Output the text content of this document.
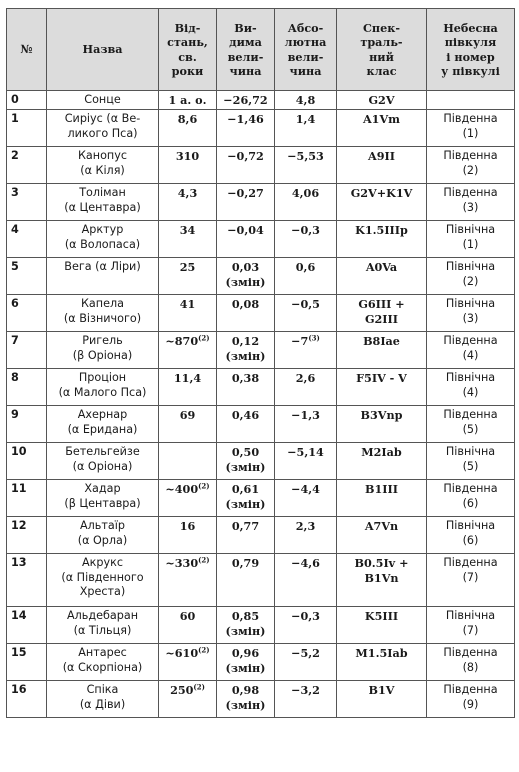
№	Назва	Від-
стань,
св.
роки	Ви-
дима
вели-
чина	Абсо-
лютна
вели-
чина	Спек-
траль-
ний
клас	Небесна
півкуля
і номер
у півкулі

0	Сонце	1 а. о.	−26,72	4,8	G2V	

1	Сиріус (α Ве-
ликого Пса)	8,6	−1,46	1,4	A1Vm	Південна
(1)

2	Канопус
(α Кіля)	310	−0,72	−5,53	A9II	Південна
(2)

3	Толіман
(α Центавра)	4,3	−0,27	4,06	G2V+K1V	Південна
(3)

4	Арктур
(α Волопаса)	34	−0,04	−0,3	K1.5IIIp	Північна
(1)

5	Вега (α Ліри)	25	0,03
(змін)	0,6	A0Va	Північна
(2)

6	Капела
(α Візничого)	41	0,08	−0,5	G6III +
G2III	Північна
(3)

7	Ригель
(β Оріона)	~870$^{(2)}$	0,12
(змін)	$-7^{(3)}$	B8Iae	Південна
(4)

8	Проціон
(α Малого Пса)	11,4	0,38	2,6	F5IV - V	Північна
(4)

9	Ахернар
(α Еридана)	69	0,46	−1,3	B3Vnp	Південна
(5)

10	Бетельгейзе
(α Оріона)		0,50
(змін)	−5,14	M2Iab	Північна
(5)

11	Хадар
(β Центавра)	~400$^{(2)}$	0,61
(змін)	−4,4	B1III	Південна
(6)

12	Альтаїр
(α Орла)	16	0,77	2,3	A7Vn	Північна
(6)

13	Акрукс
(α Південного
Хреста)	~330$^{(2)}$	0,79	−4,6	B0.5Iv +
B1Vn	Південна
(7)

14	Альдебаран
(α Тільця)	60	0,85
(змін)	−0,3	K5III	Північна
(7)

15	Антарес
(α Скорпіона)	~610$^{(2)}$	0,96
(змін)	−5,2	M1.5Iab	Південна
(8)

16	Спіка
(α Діви)	250$^{(2)}$	0,98
(змін)	−3,2	B1V	Південна
(9)
